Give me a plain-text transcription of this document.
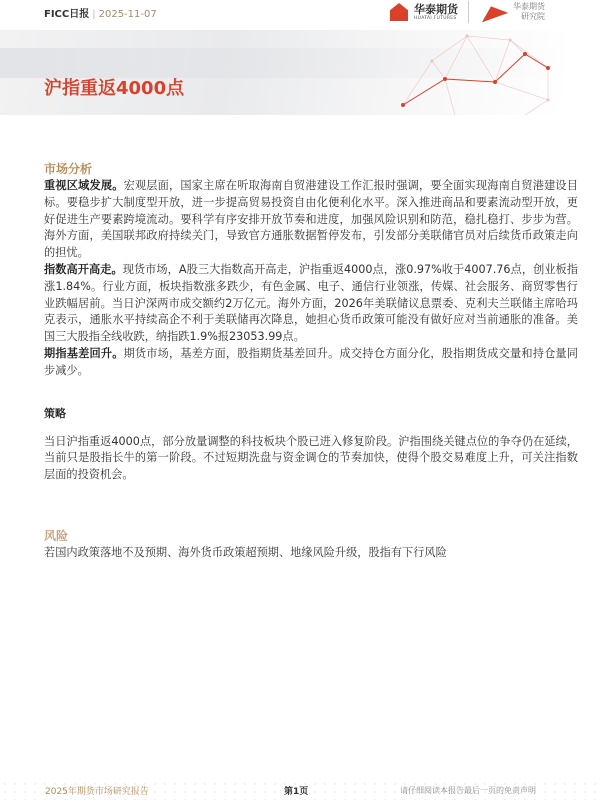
FICC日报 | 2025-11-07	华泰期货
HUATAI FUTURES
华泰期货
研究院
沪指重返4000点
市场分析
重视区域发展。宏观层面，国家主席在听取海南自贸港建设工作汇报时强调，要全面实现海南自贸港建设目标。要稳步扩大制度型开放，进一步提高贸易投资自由化便利化水平。深入推进商品和要素流动型开放，更好促进生产要素跨境流动。要科学有序安排开放节奏和进度，加强风险识别和防范，稳扎稳打、步步为营。海外方面，美国联邦政府持续关门，导致官方通胀数据暂停发布，引发部分美联储官员对后续货币政策走向的担忧。
指数高开高走。现货市场，A股三大指数高开高走，沪指重返4000点，涨0.97%收于4007.76点，创业板指涨1.84%。行业方面，板块指数涨多跌少，有色金属、电子、通信行业领涨，传媒、社会服务、商贸零售行业跌幅居前。当日沪深两市成交额约2万亿元。海外方面，2026年美联储议息票委、克利夫兰联储主席哈玛克表示，通胀水平持续高企不利于美联储再次降息，她担心货币政策可能没有做好应对当前通胀的准备。美国三大股指全线收跌，纳指跌1.9%报23053.99点。
期指基差回升。期货市场，基差方面，股指期货基差回升。成交持仓方面分化，股指期货成交量和持仓量同步减少。
策略
当日沪指重返4000点，部分放量调整的科技板块个股已进入修复阶段。沪指围绕关键点位的争夺仍在延续，当前只是股指长牛的第一阶段。不过短期洗盘与资金调仓的节奏加快，使得个股交易难度上升，可关注指数层面的投资机会。
风险
若国内政策落地不及预期、海外货币政策超预期、地缘风险升级，股指有下行风险
2025年期货市场研究报告	第1页	请仔细阅读本报告最后一页的免责声明
